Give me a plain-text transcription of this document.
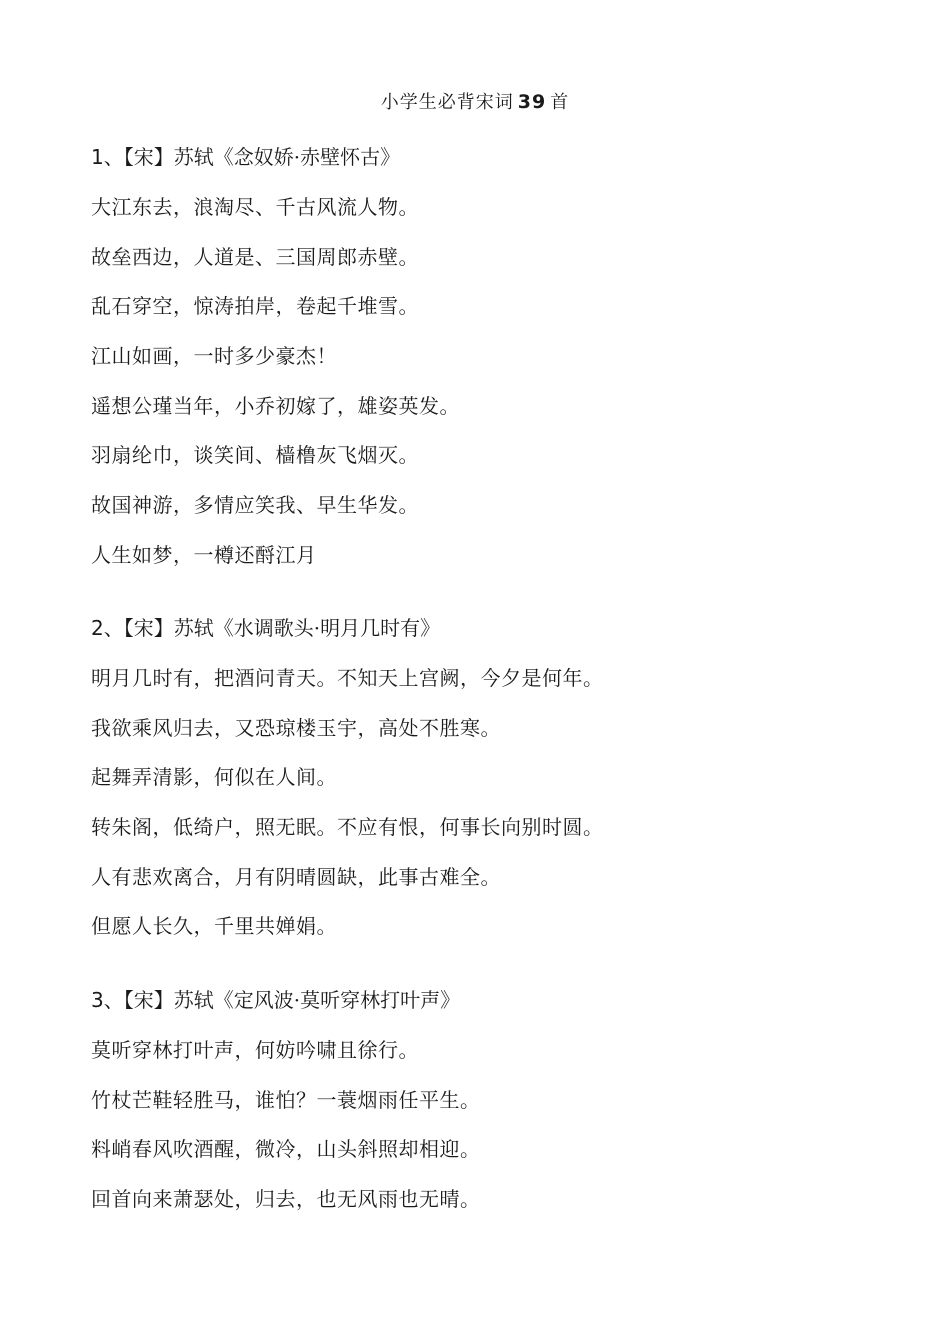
小学生必背宋词 39 首
1、【宋】苏轼《念奴娇·赤壁怀古》
大江东去，浪淘尽、千古风流人物。
故垒西边，人道是、三国周郎赤壁。
乱石穿空，惊涛拍岸，卷起千堆雪。
江山如画，一时多少豪杰！
遥想公瑾当年，小乔初嫁了，雄姿英发。
羽扇纶巾，谈笑间、樯橹灰飞烟灭。
故国神游，多情应笑我、早生华发。
人生如梦，一樽还酹江月
2、【宋】苏轼《水调歌头·明月几时有》
明月几时有，把酒问青天。不知天上宫阙，今夕是何年。
我欲乘风归去，又恐琼楼玉宇，高处不胜寒。
起舞弄清影，何似在人间。
转朱阁，低绮户，照无眠。不应有恨，何事长向别时圆。
人有悲欢离合，月有阴晴圆缺，此事古难全。
但愿人长久，千里共婵娟。
3、【宋】苏轼《定风波·莫听穿林打叶声》
莫听穿林打叶声，何妨吟啸且徐行。
竹杖芒鞋轻胜马，谁怕？一蓑烟雨任平生。
料峭春风吹酒醒，微冷，山头斜照却相迎。
回首向来萧瑟处，归去，也无风雨也无晴。
